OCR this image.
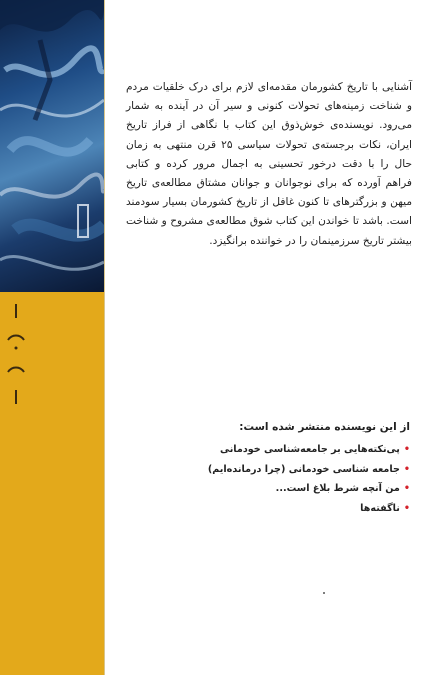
آشنایی با تاریخ کشورمان مقدمه‌ای لازم برای درک خلقیات مردم و شناخت زمینه‌های تحولات کنونی و سیر آن در آینده به شمار می‌رود. نویسنده‌ی خوش‌ذوق این کتاب با نگاهی از فراز تاریخ ایران، نکات برجسته‌ی تحولات سیاسی ۲۵ قرن منتهی به زمان حال را با دقت درخور تحسینی به اجمال مرور کرده و کتابی فراهم آورده که برای نوجوانان و جوانان مشتاق مطالعه‌ی تاریخ میهن و بزرگترهای تا کنون غافل از تاریخ کشورمان بسیار سودمند است. باشد تا خواندن این کتاب شوق مطالعه‌ی مشروح و شناخت بیشتر تاریخ سرزمینمان را در خواننده برانگیزد.

از این نویسنده منتشر شده است:
•پی‌نکته‌هایی بر جامعه‌شناسی خودمانی
•جامعه شناسی خودمانی (چرا درمانده‌ایم)
•من آنچه شرط بلاغ است...
•ناگفته‌ها
